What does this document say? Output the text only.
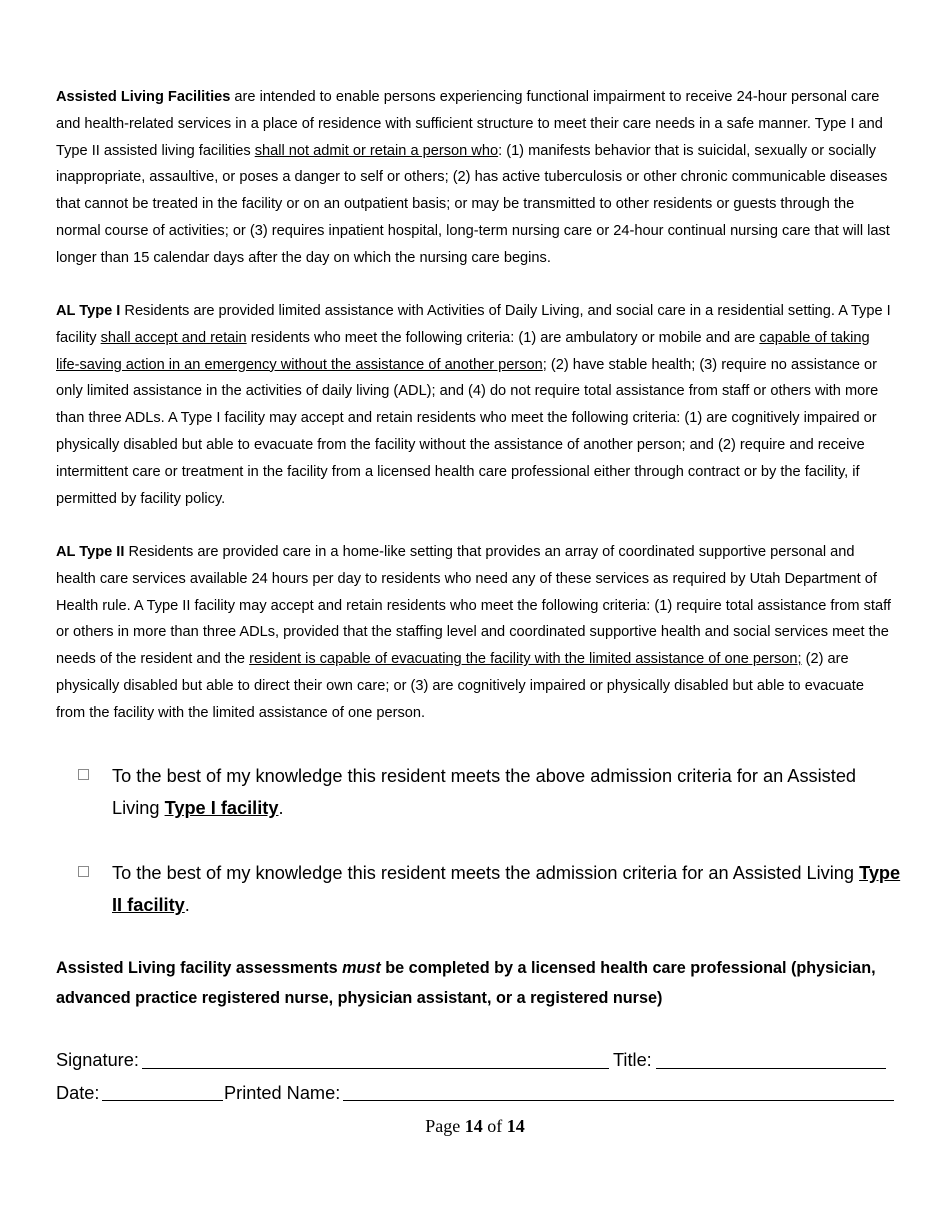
Assisted Living Facilities are intended to enable persons experiencing functional impairment to receive 24-hour personal care and health-related services in a place of residence with sufficient structure to meet their care needs in a safe manner. Type I and Type II assisted living facilities shall not admit or retain a person who: (1) manifests behavior that is suicidal, sexually or socially inappropriate, assaultive, or poses a danger to self or others; (2) has active tuberculosis or other chronic communicable diseases that cannot be treated in the facility or on an outpatient basis; or may be transmitted to other residents or guests through the normal course of activities; or (3) requires inpatient hospital, long-term nursing care or 24-hour continual nursing care that will last longer than 15 calendar days after the day on which the nursing care begins.

AL Type I Residents are provided limited assistance with Activities of Daily Living, and social care in a residential setting. A Type I facility shall accept and retain residents who meet the following criteria: (1) are ambulatory or mobile and are capable of taking life-saving action in an emergency without the assistance of another person; (2) have stable health; (3) require no assistance or only limited assistance in the activities of daily living (ADL); and (4) do not require total assistance from staff or others with more than three ADLs. A Type I facility may accept and retain residents who meet the following criteria: (1) are cognitively impaired or physically disabled but able to evacuate from the facility without the assistance of another person; and (2) require and receive intermittent care or treatment in the facility from a licensed health care professional either through contract or by the facility, if permitted by facility policy.

AL Type II Residents are provided care in a home-like setting that provides an array of coordinated supportive personal and health care services available 24 hours per day to residents who need any of these services as required by Utah Department of Health rule. A Type II facility may accept and retain residents who meet the following criteria: (1) require total assistance from staff or others in more than three ADLs, provided that the staffing level and coordinated supportive health and social services meet the needs of the resident and the resident is capable of evacuating the facility with the limited assistance of one person; (2) are physically disabled but able to direct their own care; or (3) are cognitively impaired or physically disabled but able to evacuate from the facility with the limited assistance of one person.

To the best of my knowledge this resident meets the above admission criteria for an Assisted Living Type I facility.
To the best of my knowledge this resident meets the admission criteria for an Assisted Living Type II facility.
Assisted Living facility assessments must be completed by a licensed health care professional (physician, advanced practice registered nurse, physician assistant, or a registered nurse)
Signature:	Title:
Date:	Printed Name:
Page 14 of 14
